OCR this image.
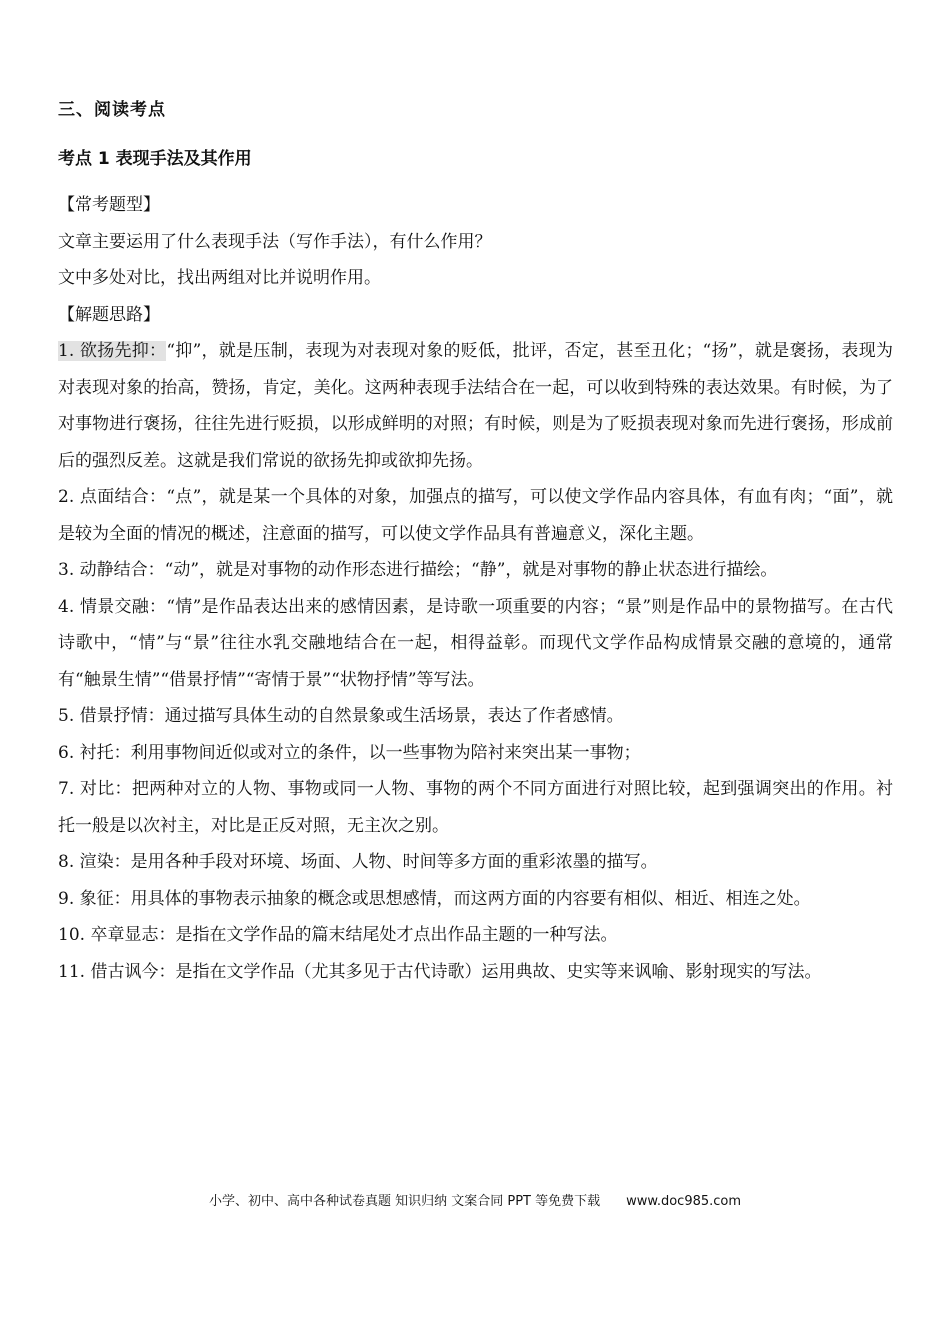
三、阅读考点
考点 1 表现手法及其作用
【常考题型】
文章主要运用了什么表现手法（写作手法），有什么作用？
文中多处对比，找出两组对比并说明作用。
【解题思路】
1. 欲扬先抑：“抑”，就是压制，表现为对表现对象的贬低，批评，否定，甚至丑化；“扬”，就是褒扬，表现为对表现对象的抬高，赞扬，肯定，美化。这两种表现手法结合在一起，可以收到特殊的表达效果。有时候，为了对事物进行褒扬，往往先进行贬损，以形成鲜明的对照；有时候，则是为了贬损表现对象而先进行褒扬，形成前后的强烈反差。这就是我们常说的欲扬先抑或欲抑先扬。
2. 点面结合：“点”，就是某一个具体的对象，加强点的描写，可以使文学作品内容具体，有血有肉；“面”，就是较为全面的情况的概述，注意面的描写，可以使文学作品具有普遍意义，深化主题。
3. 动静结合：“动”，就是对事物的动作形态进行描绘；“静”，就是对事物的静止状态进行描绘。
4. 情景交融：“情”是作品表达出来的感情因素，是诗歌一项重要的内容；“景”则是作品中的景物描写。在古代诗歌中，“情”与“景”往往水乳交融地结合在一起，相得益彰。而现代文学作品构成情景交融的意境的，通常有“触景生情”“借景抒情”“寄情于景”“状物抒情”等写法。
5. 借景抒情：通过描写具体生动的自然景象或生活场景，表达了作者感情。
6. 衬托：利用事物间近似或对立的条件，以一些事物为陪衬来突出某一事物；
7. 对比：把两种对立的人物、事物或同一人物、事物的两个不同方面进行对照比较，起到强调突出的作用。衬托一般是以次衬主，对比是正反对照，无主次之别。
8. 渲染：是用各种手段对环境、场面、人物、时间等多方面的重彩浓墨的描写。
9. 象征：用具体的事物表示抽象的概念或思想感情，而这两方面的内容要有相似、相近、相连之处。
10. 卒章显志：是指在文学作品的篇末结尾处才点出作品主题的一种写法。
11. 借古讽今：是指在文学作品（尤其多见于古代诗歌）运用典故、史实等来讽喻、影射现实的写法。
小学、初中、高中各种试卷真题 知识归纳 文案合同 PPT 等免费下载 www.doc985.com
